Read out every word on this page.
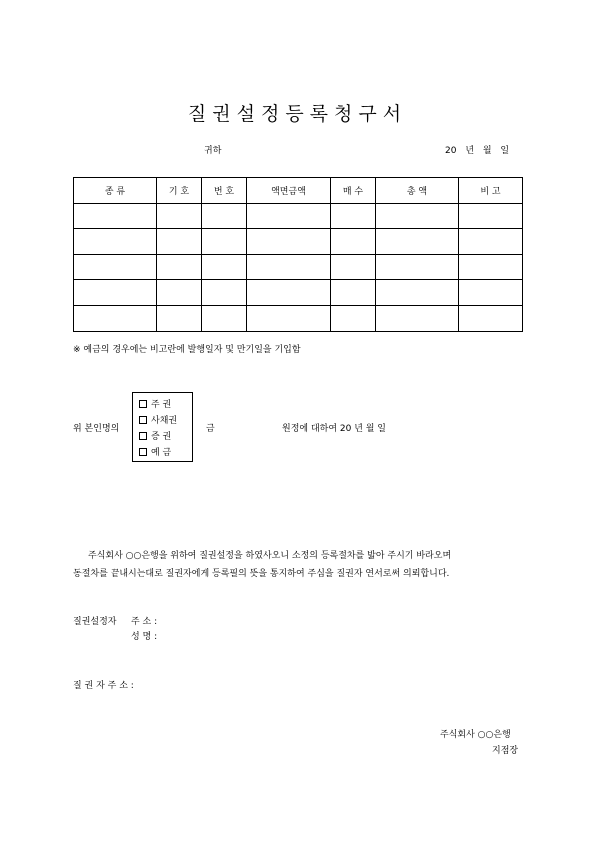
질권설정등록청구서
귀하	20 년 월 일
종 류	기 호	번 호	액면금액	매 수	총 액	비 고

※ 예금의 경우에는 비고란에 발행일자 및 만기일을 기입함
위 본인명의
주 권
사채권
증 권
예 금
금	원정에 대하여 20 년 월 일
주식회사 ○○은행을 위하여 질권설정을 하였사오니 소정의 등록절차를 밟아 주시기 바라오며
동절차를 끝내시는대로 질권자에게 등록필의 뜻을 통지하여 주심을 질권자 연서로써 의뢰합니다.
질권설정자 주 소 :
성 명 :
질 권 자 주 소 :
주식회사 ○○은행
지점장
